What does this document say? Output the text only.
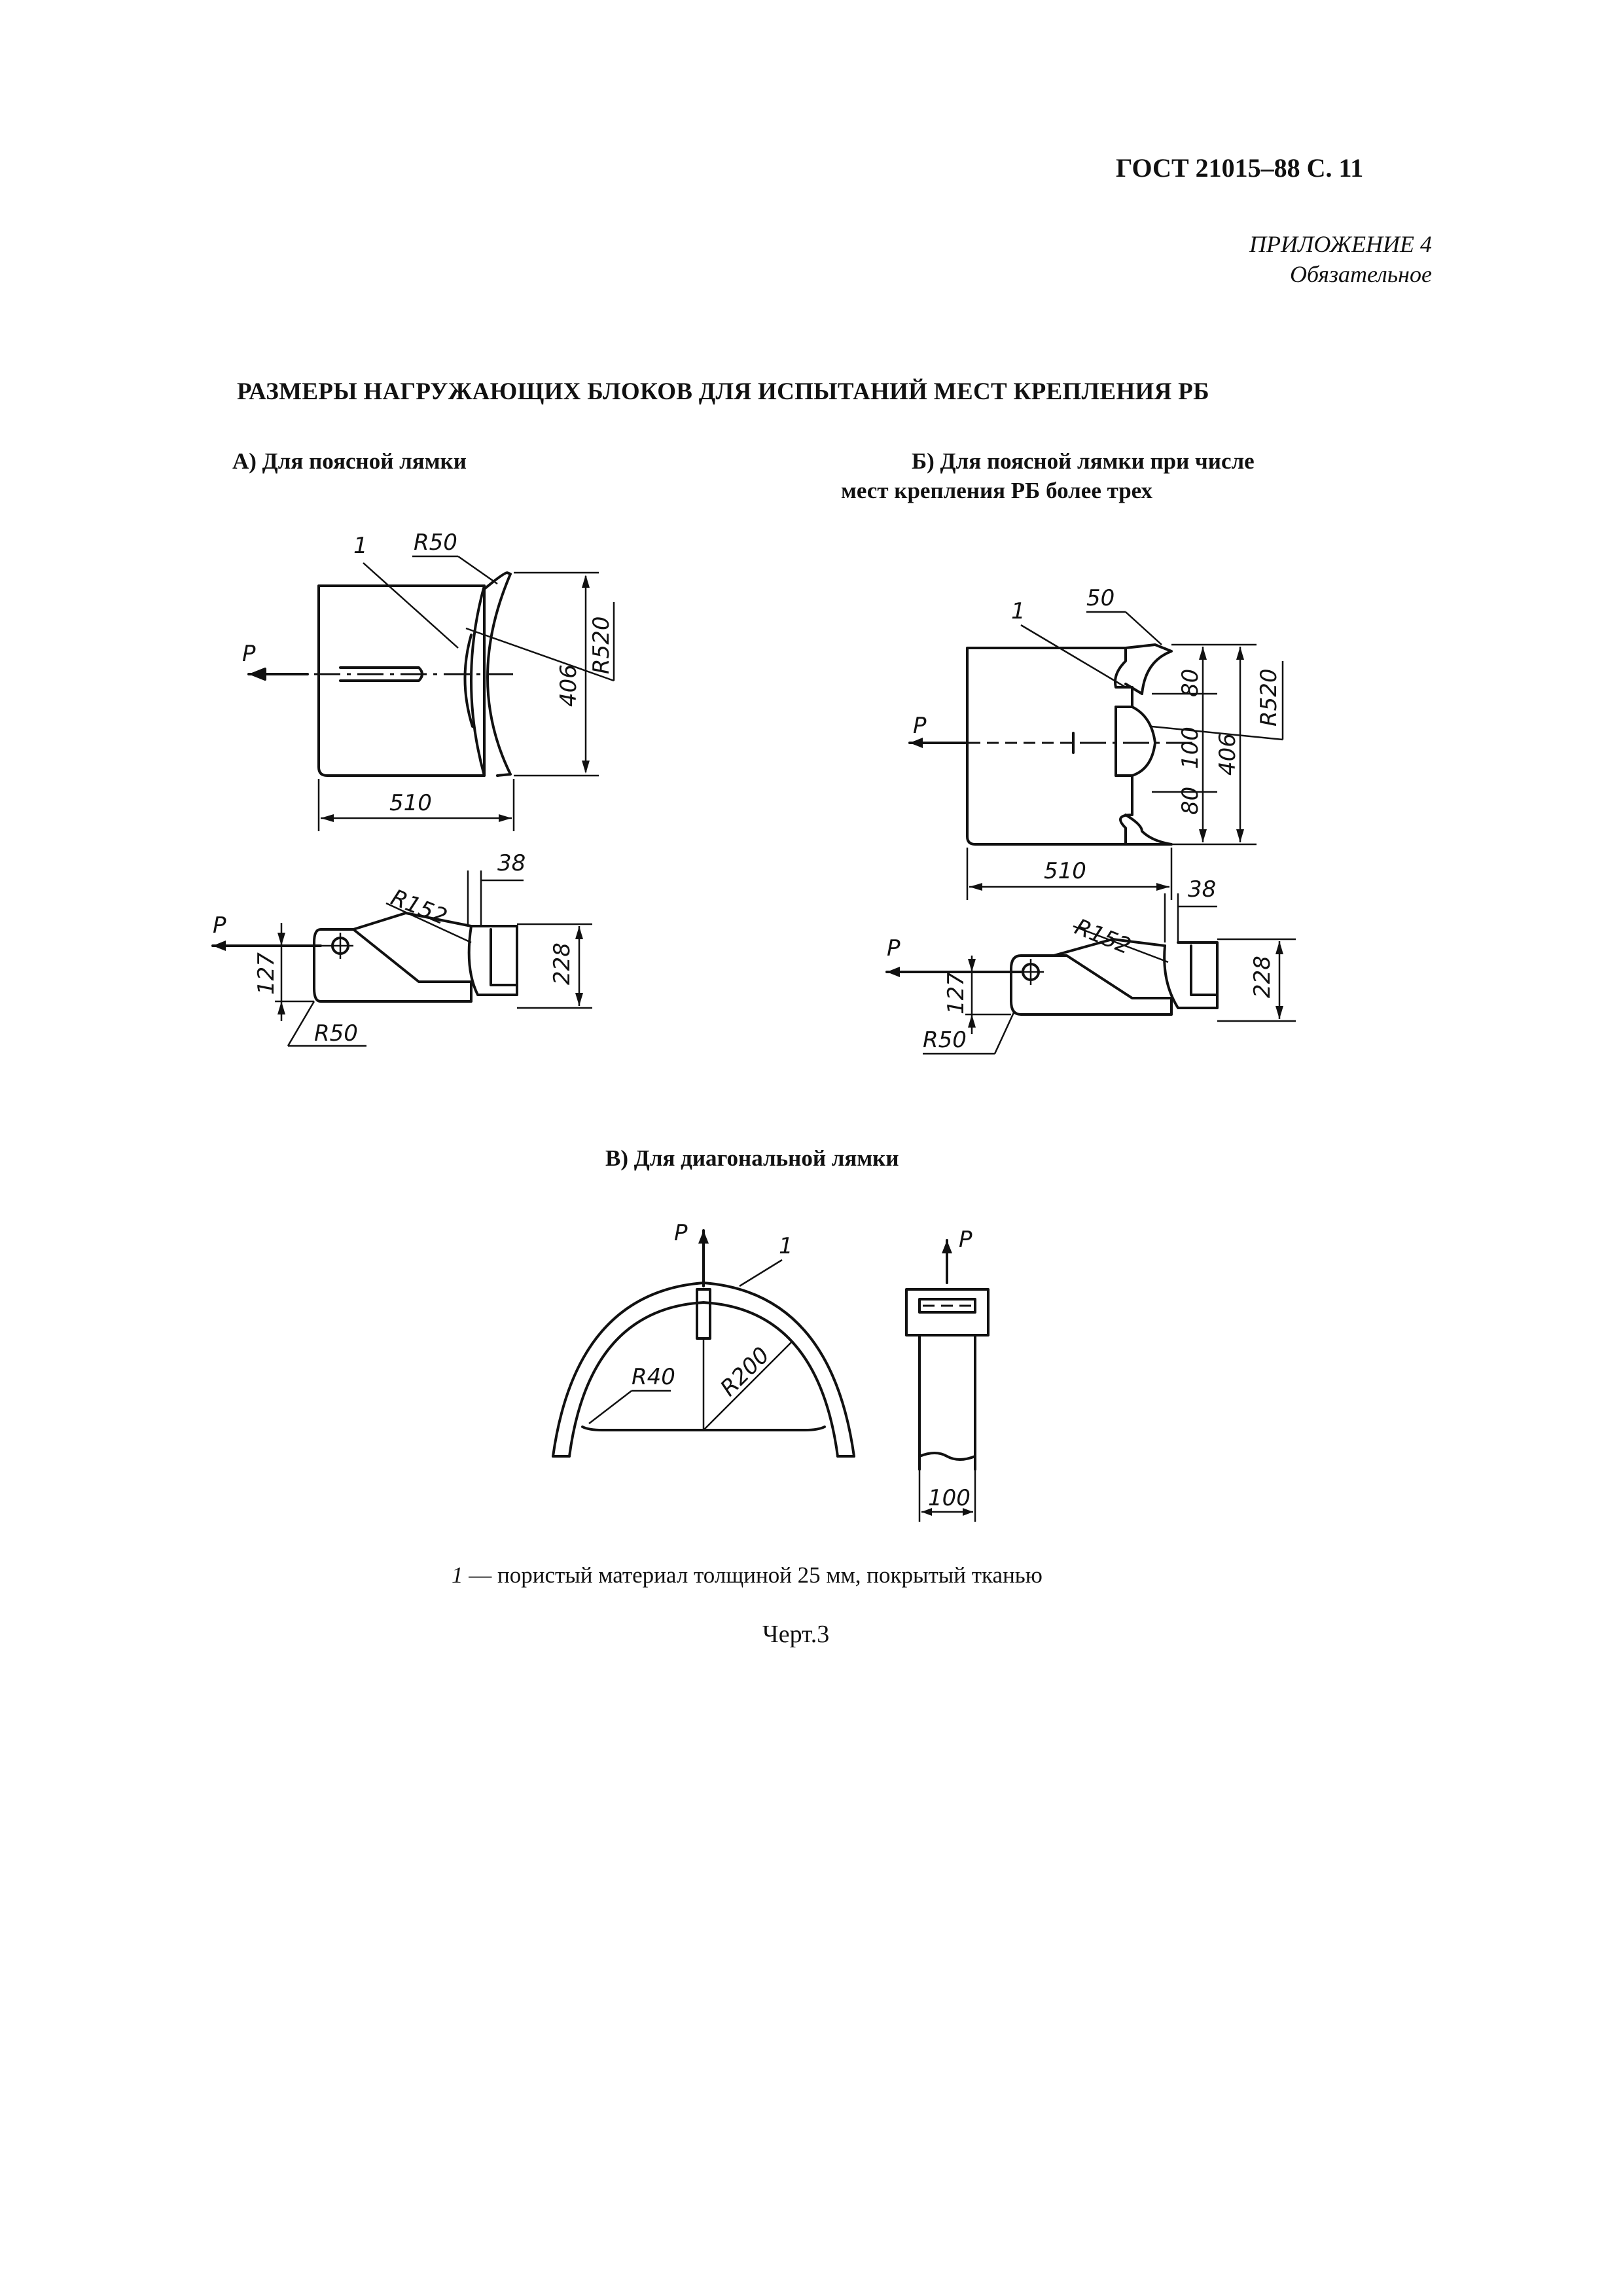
ГОСТ 21015–88 С. 11
ПРИЛОЖЕНИЕ 4
Обязательное
РАЗМЕРЫ НАГРУЖАЮЩИХ БЛОКОВ ДЛЯ ИСПЫТАНИЙ МЕСТ КРЕПЛЕНИЯ РБ
А) Для поясной лямки	Б) Для поясной лямки при числе
мест крепления РБ более трех
В) Для диагональной лямки
1 R50
R520
406
510
P
38
R152
228
127
R50
P
1	50
R520
80
100
80
406
510
P
38
R152
228
127
R50
P
P	1
R40 R200
P
100
1 — пористый материал толщиной 25 мм, покрытый тканью
Черт.3
